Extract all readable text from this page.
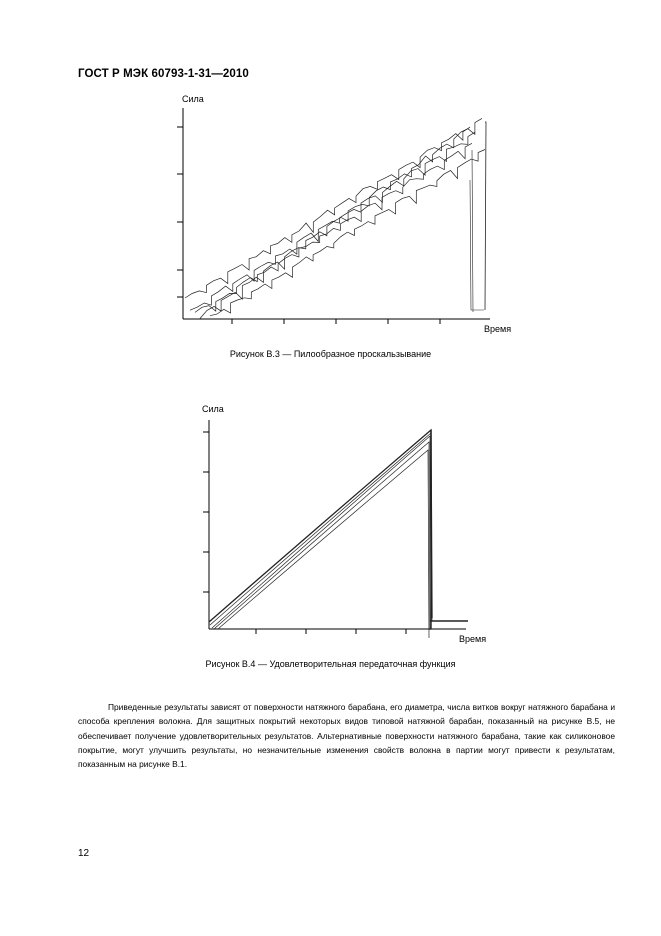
ГОСТ Р МЭК 60793-1-31—2010
Сила
Время
Рисунок В.3 — Пилообразное проскальзывание
Сила
Время
Рисунок В.4 — Удовлетворительная передаточная функция
Приведенные результаты зависят от поверхности натяжного барабана, его диаметра, числа витков вокруг натяжного барабана и способа крепления волокна. Для защитных покрытий некоторых видов типовой натяжной барабан, показанный на рисунке В.5, не обеспечивает получение удовлетворительных результатов. Альтернативные поверхности натяжного барабана, такие как силиконовое покрытие, могут улучшить результаты, но незначительные изменения свойств волокна в партии могут привести к результатам, показанным на рисунке В.1.
12
